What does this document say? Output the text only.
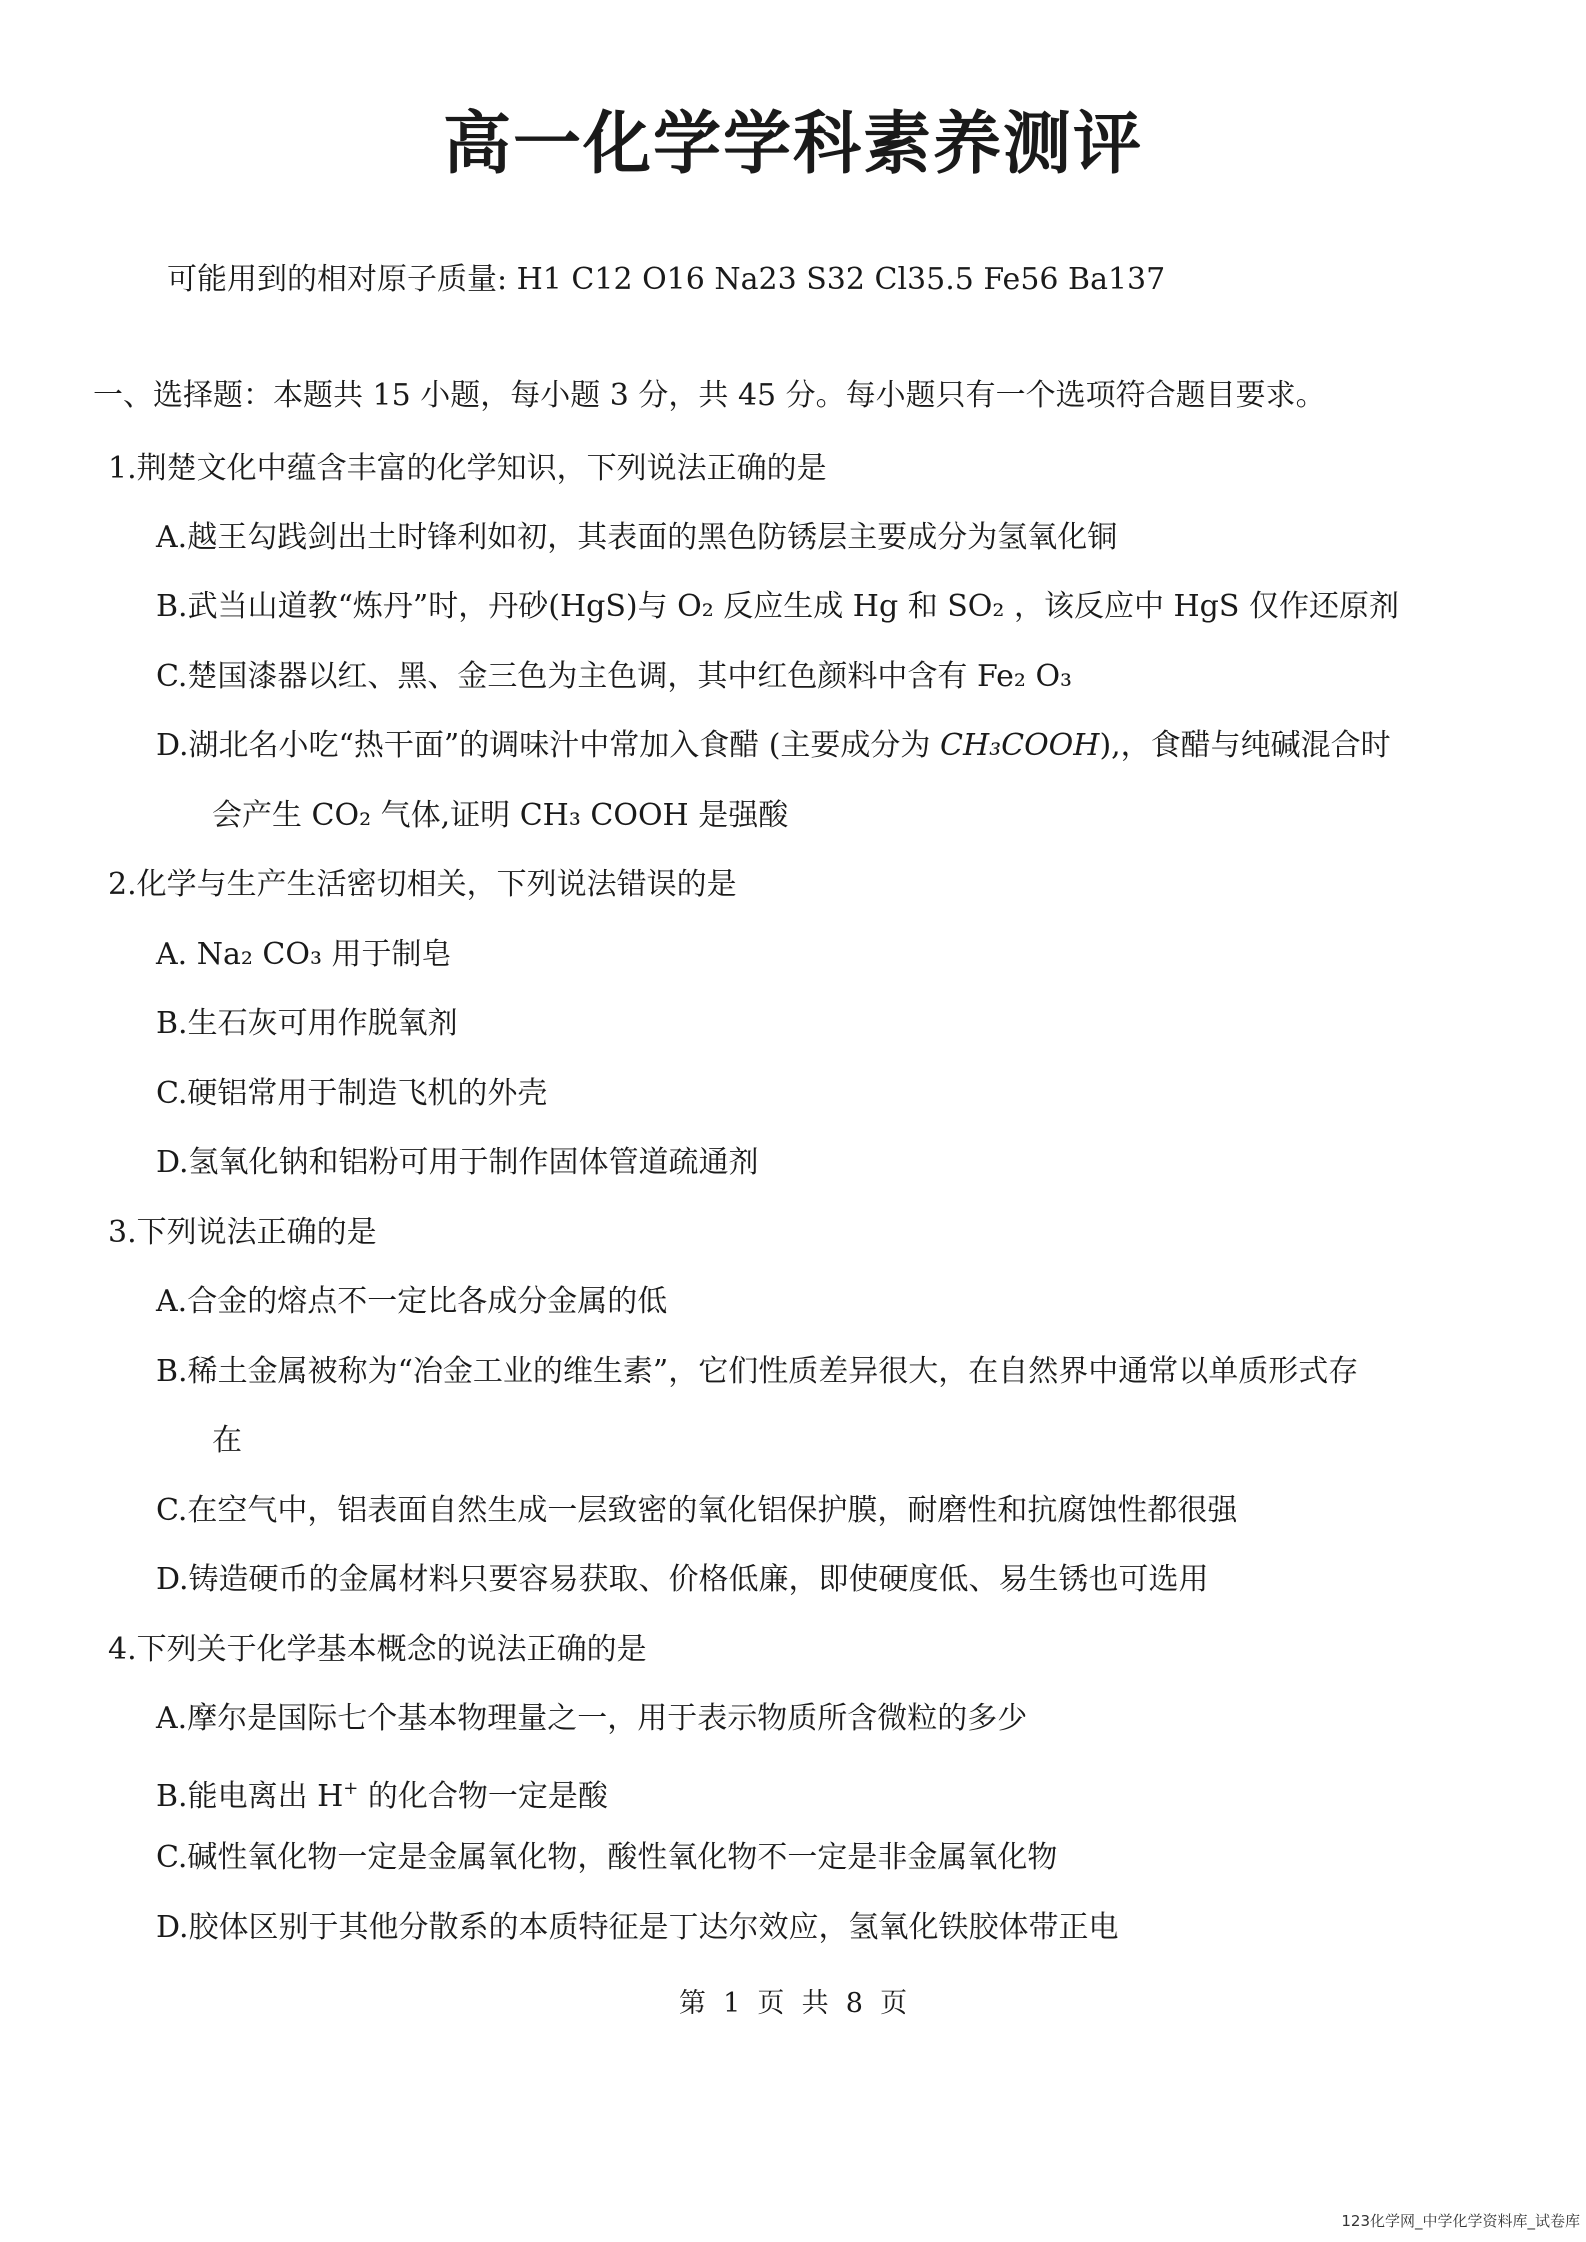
高一化学学科素养测评
可能用到的相对原子质量: H1 C12 O16 Na23 S32 Cl35.5 Fe56 Ba137
一、选择题：本题共 15 小题，每小题 3 分，共 45 分。每小题只有一个选项符合题目要求。
1.荆楚文化中蕴含丰富的化学知识，下列说法正确的是
A.越王勾践剑出土时锋利如初，其表面的黑色防锈层主要成分为氢氧化铜
B.武当山道教“炼丹”时，丹砂(HgS)与 O₂ 反应生成 Hg 和 SO₂ ，该反应中 HgS 仅作还原剂
C.楚国漆器以红、黑、金三色为主色调，其中红色颜料中含有 Fe₂ O₃
D.湖北名小吃“热干面”的调味汁中常加入食醋 (主要成分为 CH₃COOH),，食醋与纯碱混合时
会产生 CO₂ 气体,证明 CH₃ COOH 是强酸
2.化学与生产生活密切相关，下列说法错误的是
A. Na₂ CO₃ 用于制皂
B.生石灰可用作脱氧剂
C.硬铝常用于制造飞机的外壳
D.氢氧化钠和铝粉可用于制作固体管道疏通剂
3.下列说法正确的是
A.合金的熔点不一定比各成分金属的低
B.稀土金属被称为“冶金工业的维生素”，它们性质差异很大，在自然界中通常以单质形式存
在
C.在空气中，铝表面自然生成一层致密的氧化铝保护膜，耐磨性和抗腐蚀性都很强
D.铸造硬币的金属材料只要容易获取、价格低廉，即使硬度低、易生锈也可选用
4.下列关于化学基本概念的说法正确的是
A.摩尔是国际七个基本物理量之一，用于表示物质所含微粒的多少
B.能电离出 H+ 的化合物一定是酸
C.碱性氧化物一定是金属氧化物，酸性氧化物不一定是非金属氧化物
D.胶体区别于其他分散系的本质特征是丁达尔效应，氢氧化铁胶体带正电
第  1  页  共  8  页
123化学网_中学化学资料库_试卷库
